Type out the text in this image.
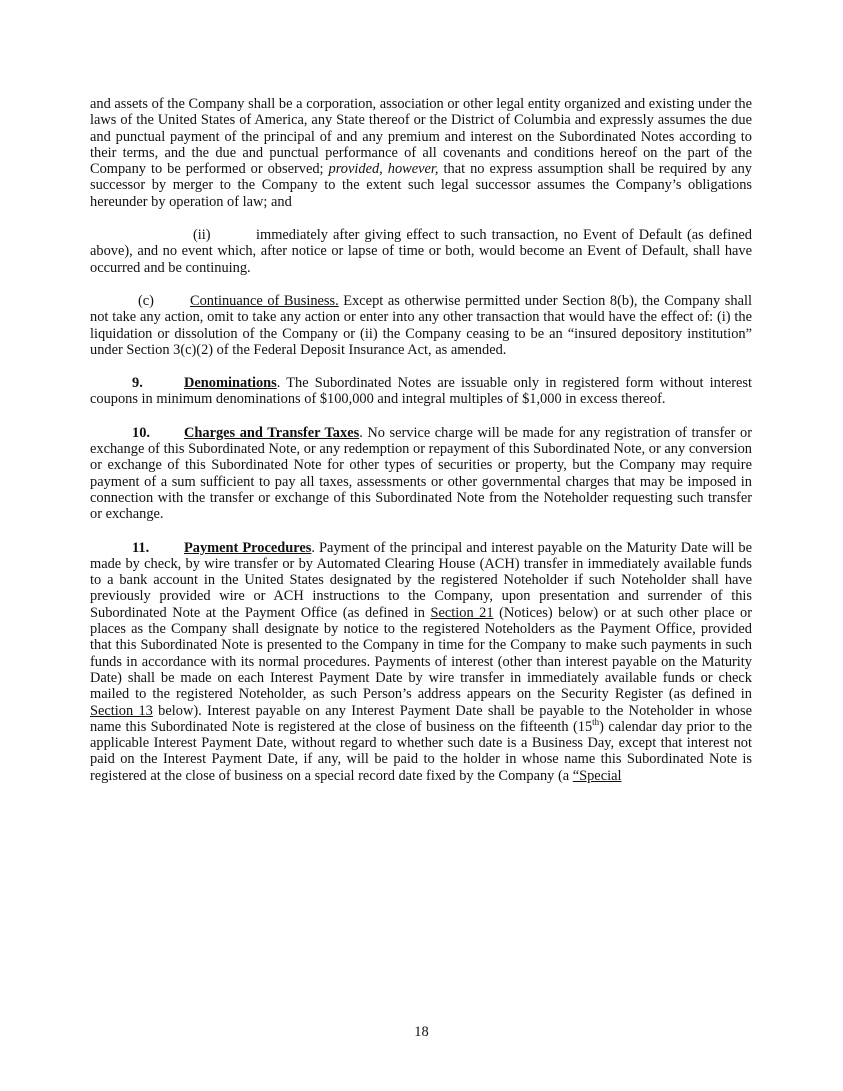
and assets of the Company shall be a corporation, association or other legal entity organized and existing under the laws of the United States of America, any State thereof or the District of Columbia and expressly assumes the due and punctual payment of the principal of and any premium and interest on the Subordinated Notes according to their terms, and the due and punctual performance of all covenants and conditions hereof on the part of the Company to be performed or observed; provided, however, that no express assumption shall be required by any successor by merger to the Company to the extent such legal successor assumes the Company’s obligations hereunder by operation of law; and

(ii)	immediately after giving effect to such transaction, no Event of Default (as defined above), and no event which, after notice or lapse of time or both, would become an Event of Default, shall have occurred and be continuing.

(c)	Continuance of Business. Except as otherwise permitted under Section 8(b), the Company shall not take any action, omit to take any action or enter into any other transaction that would have the effect of: (i) the liquidation or dissolution of the Company or (ii) the Company ceasing to be an “insured depository institution” under Section 3(c)(2) of the Federal Deposit Insurance Act, as amended.

9.	Denominations. The Subordinated Notes are issuable only in registered form without interest coupons in minimum denominations of $100,000 and integral multiples of $1,000 in excess thereof.

10. Charges and Transfer Taxes. No service charge will be made for any registration of transfer or exchange of this Subordinated Note, or any redemption or repayment of this Subordinated Note, or any conversion or exchange of this Subordinated Note for other types of securities or property, but the Company may require payment of a sum sufficient to pay all taxes, assessments or other governmental charges that may be imposed in connection with the transfer or exchange of this Subordinated Note from the Noteholder requesting such transfer or exchange.

11. Payment Procedures. Payment of the principal and interest payable on the Maturity Date will be made by check, by wire transfer or by Automated Clearing House (ACH) transfer in immediately available funds to a bank account in the United States designated by the registered Noteholder if such Noteholder shall have previously provided wire or ACH instructions to the Company, upon presentation and surrender of this Subordinated Note at the Payment Office (as defined in Section 21 (Notices) below) or at such other place or places as the Company shall designate by notice to the registered Noteholders as the Payment Office, provided that this Subordinated Note is presented to the Company in time for the Company to make such payments in such funds in accordance with its normal procedures. Payments of interest (other than interest payable on the Maturity Date) shall be made on each Interest Payment Date by wire transfer in immediately available funds or check mailed to the registered Noteholder, as such Person’s address appears on the Security Register (as defined in Section 13 below). Interest payable on any Interest Payment Date shall be payable to the Noteholder in whose name this Subordinated Note is registered at the close of business on the fifteenth (15th) calendar day prior to the applicable Interest Payment Date, without regard to whether such date is a Business Day, except that interest not paid on the Interest Payment Date, if any, will be paid to the holder in whose name this Subordinated Note is registered at the close of business on a special record date fixed by the Company (a “Special

18
